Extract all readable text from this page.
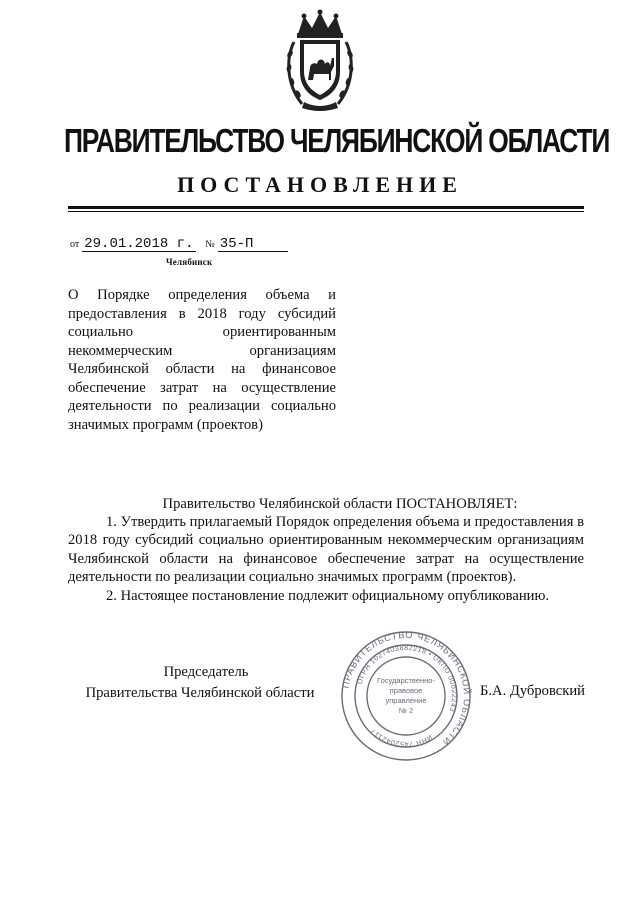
ПРАВИТЕЛЬСТВО ЧЕЛЯБИНСКОЙ ОБЛАСТИ
ПОСТАНОВЛЕНИЕ
от 29.01.2018 г. № 35-П
Челябинск
О Порядке определения объема и предоставления в 2018 году субсидий социально ориентированным некоммерческим организациям Челябинской области на финансовое обеспечение затрат на осуществление деятельности по реализации социально значимых программ (проектов)
Правительство Челябинской области ПОСТАНОВЛЯЕТ:

1. Утвердить прилагаемый Порядок определения объема и предоставления в 2018 году субсидий социально ориентированным некоммерческим организациям Челябинской области на финансовое обеспечение затрат на осуществление деятельности по реализации социально значимых программ (проектов).

2. Настоящее постановление подлежит официальному опубликованию.

Председатель
Правительства Челябинской области
ПРАВИТЕЛЬСТВО ЧЕЛЯБИНСКОЙ ОБЛАСТИ
ОГРН 1027403882218 • ОКПО 00022243
ИНН 7452042117
Государственно-
правовое
управление
№ 2
Б.А. Дубровский
